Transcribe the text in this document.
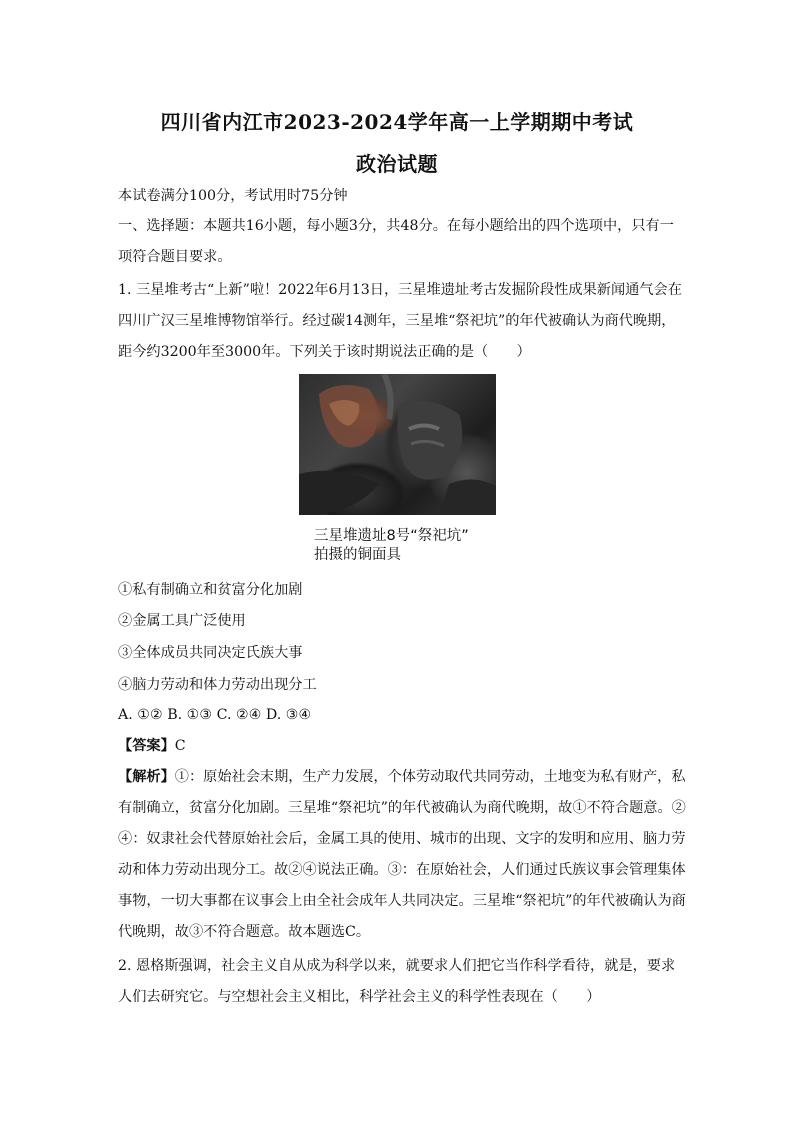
四川省内江市2023-2024学年高一上学期期中考试
政治试题
本试卷满分100分，考试用时75分钟
一、选择题：本题共16小题，每小题3分，共48分。在每小题给出的四个选项中，只有一
项符合题目要求。
1. 三星堆考古“上新”啦！2022年6月13日，三星堆遗址考古发掘阶段性成果新闻通气会在
四川广汉三星堆博物馆举行。经过碳14测年，三星堆“祭祀坑”的年代被确认为商代晚期，
距今约3200年至3000年。下列关于该时期说法正确的是（　　）
三星堆遗址8号“祭祀坑”
拍摄的铜面具
①私有制确立和贫富分化加剧
②金属工具广泛使用
③全体成员共同决定氏族大事
④脑力劳动和体力劳动出现分工
A. ①② B. ①③ C. ②④ D. ③④
【答案】C
【解析】①：原始社会末期，生产力发展，个体劳动取代共同劳动，土地变为私有财产，私
有制确立，贫富分化加剧。三星堆“祭祀坑”的年代被确认为商代晚期，故①不符合题意。②
④：奴隶社会代替原始社会后，金属工具的使用、城市的出现、文字的发明和应用、脑力劳
动和体力劳动出现分工。故②④说法正确。③：在原始社会，人们通过氏族议事会管理集体
事物，一切大事都在议事会上由全社会成年人共同决定。三星堆“祭祀坑”的年代被确认为商
代晚期，故③不符合题意。故本题选C。
2. 恩格斯强调，社会主义自从成为科学以来，就要求人们把它当作科学看待，就是，要求
人们去研究它。与空想社会主义相比，科学社会主义的科学性表现在（　　）
